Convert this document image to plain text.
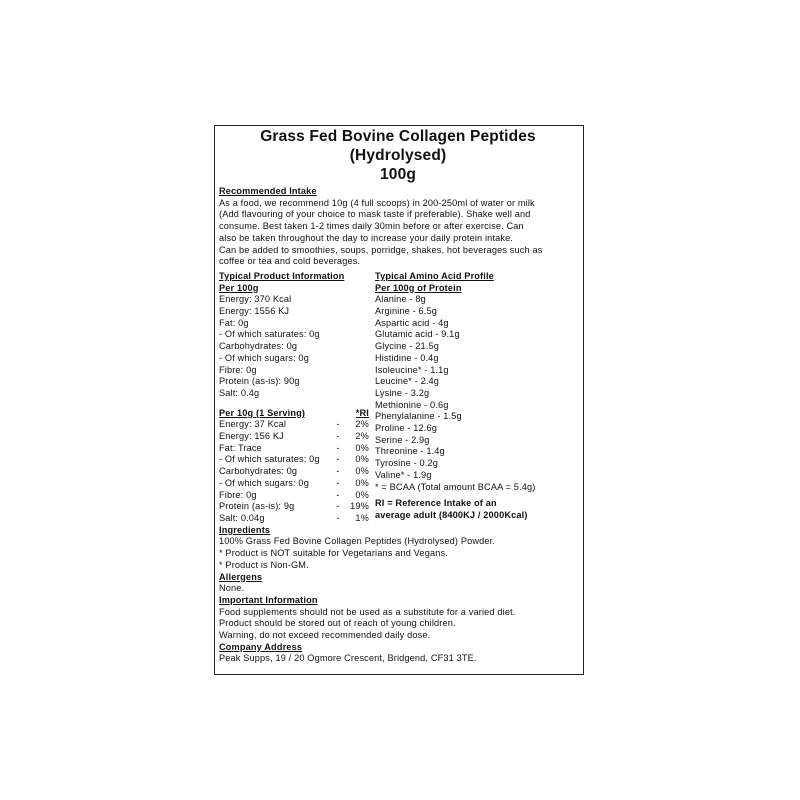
Grass Fed Bovine Collagen Peptides (Hydrolysed)
100g
Recommended Intake
As a food, we recommend 10g (4 full scoops) in 200-250ml of water or milk
(Add flavouring of your choice to mask taste if preferable). Shake well and
consume. Best taken 1-2 times daily 30min before or after exercise. Can
also be taken throughout the day to increase your daily protein intake.
Can be added to smoothies, soups, porridge, shakes, hot beverages such as
coffee or tea and cold beverages.
Typical Product Information
Per 100g
Energy: 370 Kcal
Energy: 1556 KJ
Fat: 0g
- Of which saturates: 0g
Carbohydrates: 0g
- Of which sugars: 0g
Fibre: 0g
Protein (as-is): 90g
Salt: 0.4g
Per 10g (1 Serving)	*RI
Energy: 37 Kcal	-	2%
Energy: 156 KJ	-	2%
Fat: Trace	-	0%
- Of which saturates: 0g	-	0%
Carbohydrates: 0g	-	0%
- Of which sugars: 0g	-	0%
Fibre: 0g	-	0%
Protein (as-is): 9g	-	19%
Salt: 0.04g	-	1%
Typical Amino Acid Profile
Per 100g of Protein
Alanine - 8g
Arginine - 6.5g
Aspartic acid - 4g
Glutamic acid - 9.1g
Glycine - 21.5g
Histidine - 0.4g
Isoleucine* - 1.1g
Leucine* - 2.4g
Lysine - 3.2g
Methionine - 0.6g
Phenylalanine - 1.5g
Proline - 12.6g
Serine - 2.9g
Threonine - 1.4g
Tyrosine - 0.2g
Valine* - 1.9g
* = BCAA (Total amount BCAA = 5.4g)
RI = Reference Intake of an
average adult (8400KJ / 2000Kcal)
Ingredients
100% Grass Fed Bovine Collagen Peptides (Hydrolysed) Powder.
* Product is NOT suitable for Vegetarians and Vegans.
* Product is Non-GM.
Allergens
None.
Important Information
Food supplements should not be used as a substitute for a varied diet.
Product should be stored out of reach of young children.
Warning, do not exceed recommended daily dose.
Company Address
Peak Supps, 19 / 20 Ogmore Crescent, Bridgend, CF31 3TE.
